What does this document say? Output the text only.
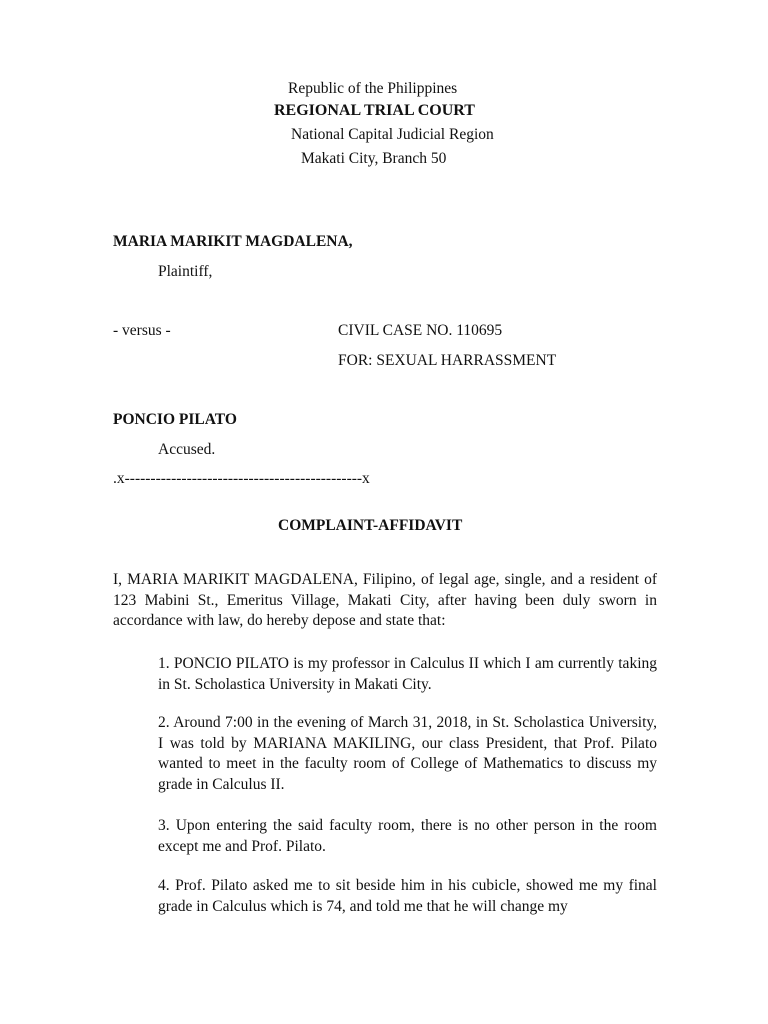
Republic of the Philippines
REGIONAL TRIAL COURT
National Capital Judicial Region
Makati City, Branch 50
MARIA MARIKIT MAGDALENA,
Plaintiff,
- versus -	CIVIL CASE NO. 110695
FOR: SEXUAL HARRASSMENT
PONCIO PILATO
Accused.
.x----------------------------------------------x
COMPLAINT-AFFIDAVIT
I, MARIA MARIKIT MAGDALENA, Filipino, of legal age, single, and a resident of 123 Mabini St., Emeritus Village, Makati City, after having been duly sworn in accordance with law, do hereby depose and state that:
1. PONCIO PILATO is my professor in Calculus II which I am currently taking in St. Scholastica University in Makati City.
2. Around 7:00 in the evening of March 31, 2018, in St. Scholastica University, I was told by MARIANA MAKILING, our class President, that Prof. Pilato wanted to meet in the faculty room of College of Mathematics to discuss my grade in Calculus II.
3. Upon entering the said faculty room, there is no other person in the room except me and Prof. Pilato.
4. Prof. Pilato asked me to sit beside him in his cubicle, showed me my final grade in Calculus which is 74, and told me that he will change my
